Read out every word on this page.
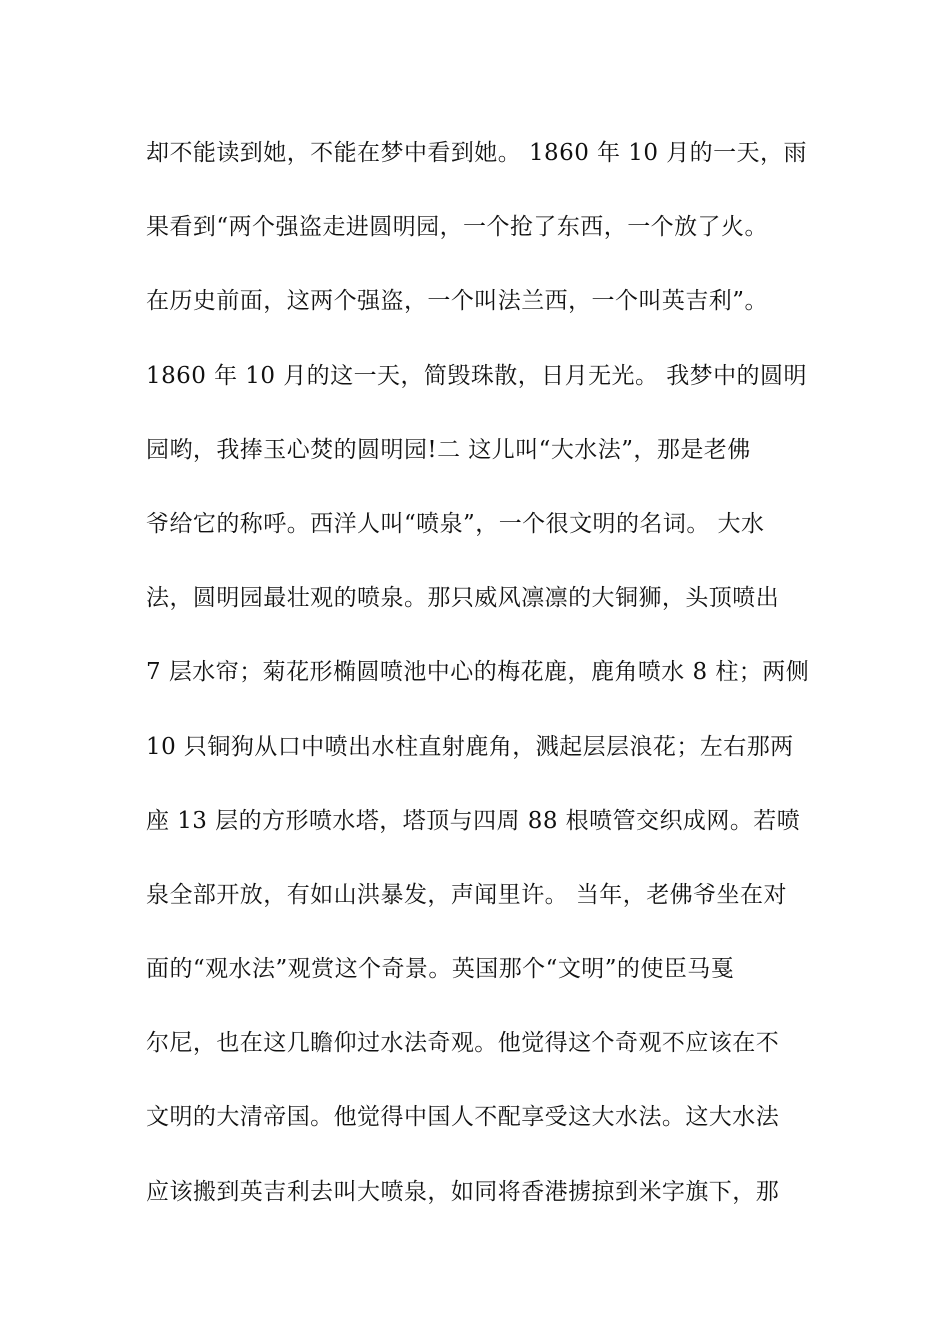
却不能读到她，不能在梦中看到她。 1860 年 10 月的一天，雨
果看到“两个强盗走进圆明园，一个抢了东西，一个放了火。
在历史前面，这两个强盗，一个叫法兰西，一个叫英吉利”。
1860 年 10 月的这一天，简毁珠散，日月无光。 我梦中的圆明
园哟，我捧玉心焚的圆明园!二 这儿叫“大水法”，那是老佛
爷给它的称呼。西洋人叫“喷泉”，一个很文明的名词。 大水
法，圆明园最壮观的喷泉。那只威风凛凛的大铜狮，头顶喷出
7 层水帘；菊花形椭圆喷池中心的梅花鹿，鹿角喷水 8 柱；两侧
10 只铜狗从口中喷出水柱直射鹿角，溅起层层浪花；左右那两
座 13 层的方形喷水塔，塔顶与四周 88 根喷管交织成网。若喷
泉全部开放，有如山洪暴发，声闻里许。 当年，老佛爷坐在对
面的“观水法”观赏这个奇景。英国那个“文明”的使臣马戛
尔尼，也在这几瞻仰过水法奇观。他觉得这个奇观不应该在不
文明的大清帝国。他觉得中国人不配享受这大水法。这大水法
应该搬到英吉利去叫大喷泉，如同将香港掳掠到米字旗下，那
